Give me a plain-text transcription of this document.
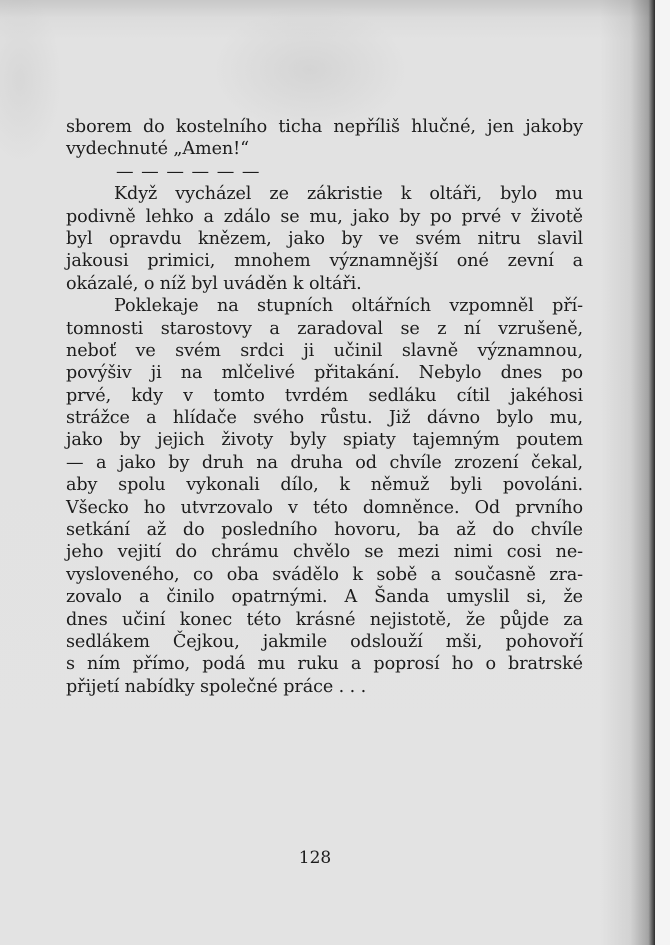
sborem do kostelního ticha nepříliš hlučné, jen jakoby
vydechnuté „Amen!“
— — — — — —
Když vycházel ze zákristie k oltáři, bylo mu
podivně lehko a zdálo se mu, jako by po prvé v životě
byl opravdu knězem, jako by ve svém nitru slavil
jakousi primici, mnohem významnější oné zevní a
okázalé, o níž byl uváděn k oltáři.
Poklekaje na stupních oltářních vzpomněl pří-
tomnosti starostovy a zaradoval se z ní vzrušeně,
neboť ve svém srdci ji učinil slavně významnou,
povýšiv ji na mlčelivé přitakání. Nebylo dnes po
prvé, kdy v tomto tvrdém sedláku cítil jakéhosi
strážce a hlídače svého růstu. Již dávno bylo mu,
jako by jejich životy byly spiaty tajemným poutem
— a jako by druh na druha od chvíle zrození čekal,
aby spolu vykonali dílo, k němuž byli povoláni.
Všecko ho utvrzovalo v této domněnce. Od prvního
setkání až do posledního hovoru, ba až do chvíle
jeho vejití do chrámu chvělo se mezi nimi cosi ne-
vysloveného, co oba svádělo k sobě a současně zra-
zovalo a činilo opatrnými. A Šanda umyslil si, že
dnes učiní konec této krásné nejistotě, že půjde za
sedlákem Čejkou, jakmile odslouží mši, pohovoří
s ním přímo, podá mu ruku a poprosí ho o bratrské
přijetí nabídky společné práce . . .
128
